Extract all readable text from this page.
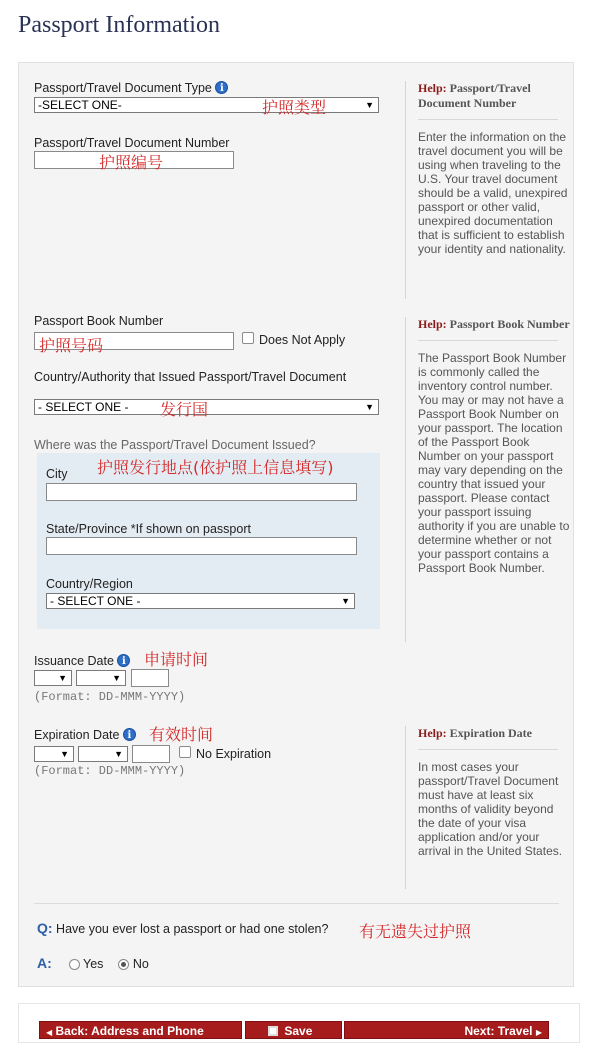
Passport Information
Passport/Travel Document Type i
-SELECT ONE-	▼
护照类型
Passport/Travel Document Number
护照编号
Passport Book Number
护照号码	Does Not Apply
Country/Authority that Issued Passport/Travel Document
- SELECT ONE -	▼
发行国
Where was the Passport/Travel Document Issued?
City
State/Province *If shown on passport
Country/Region
- SELECT ONE -	▼
护照发行地点(依护照上信息填写)
Issuance Date i 申请时间
▼	▼
(Format: DD-MMM-YYYY)
Expiration Date i 有效时间
▼	▼	No Expiration
(Format: DD-MMM-YYYY)
Help: Passport/Travel Document Number
Enter the information on the travel document you will be using when traveling to the U.S. Your travel document should be a valid, unexpired passport or other valid, unexpired documentation that is sufficient to establish your identity and nationality.
Help: Passport Book Number
The Passport Book Number is commonly called the inventory control number. You may or may not have a Passport Book Number on your passport. The location of the Passport Book Number on your passport may vary depending on the country that issued your passport. Please contact your passport issuing authority if you are unable to determine whether or not your passport contains a Passport Book Number.
Help: Expiration Date
In most cases your passport/Travel Document must have at least six months of validity beyond the date of your visa application and/or your arrival in the United States.
Q: Have you ever lost a passport or had one stolen? 有无遗失过护照
A: Yes No
◀ Back: Address and Phone	Save	Next: Travel ▶
